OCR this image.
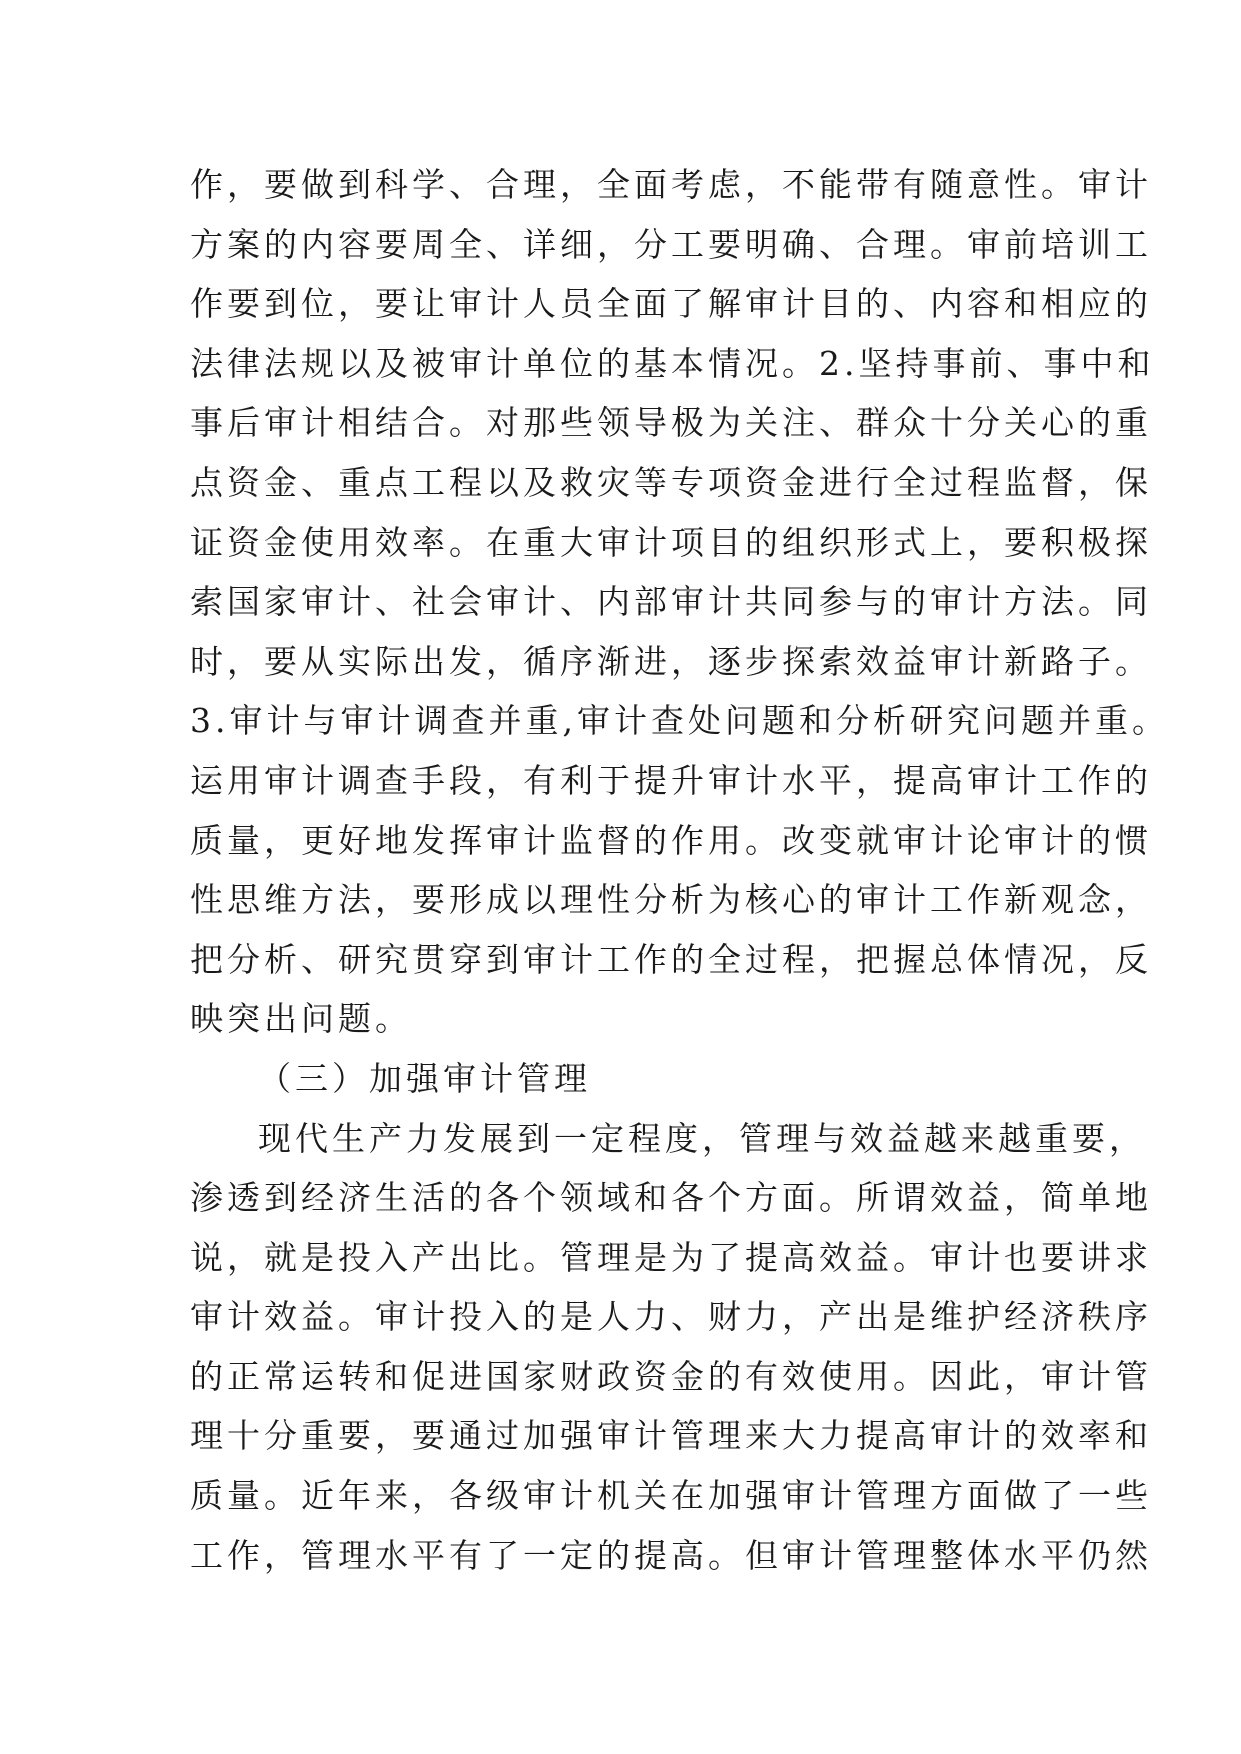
作，要做到科学、合理，全面考虑，不能带有随意性。审计
方案的内容要周全、详细，分工要明确、合理。审前培训工
作要到位，要让审计人员全面了解审计目的、内容和相应的
法律法规以及被审计单位的基本情况。2.坚持事前、事中和
事后审计相结合。对那些领导极为关注、群众十分关心的重
点资金、重点工程以及救灾等专项资金进行全过程监督，保
证资金使用效率。在重大审计项目的组织形式上，要积极探
索国家审计、社会审计、内部审计共同参与的审计方法。同
时，要从实际出发，循序渐进，逐步探索效益审计新路子。
3.审计与审计调查并重,审计查处问题和分析研究问题并重。
运用审计调查手段，有利于提升审计水平，提高审计工作的
质量，更好地发挥审计监督的作用。改变就审计论审计的惯
性思维方法，要形成以理性分析为核心的审计工作新观念，
把分析、研究贯穿到审计工作的全过程，把握总体情况，反
映突出问题。
（三）加强审计管理
现代生产力发展到一定程度，管理与效益越来越重要，
渗透到经济生活的各个领域和各个方面。所谓效益，简单地
说，就是投入产出比。管理是为了提高效益。审计也要讲求
审计效益。审计投入的是人力、财力，产出是维护经济秩序
的正常运转和促进国家财政资金的有效使用。因此，审计管
理十分重要，要通过加强审计管理来大力提高审计的效率和
质量。近年来，各级审计机关在加强审计管理方面做了一些
工作，管理水平有了一定的提高。但审计管理整体水平仍然
